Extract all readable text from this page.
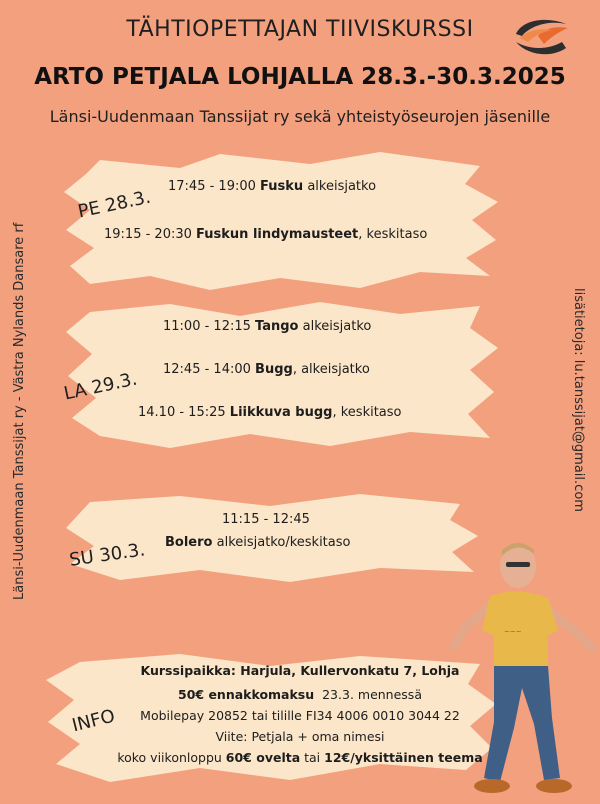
TÄHTIOPETTAJAN TIIVISKURSSI
ARTO PETJALA LOHJALLA 28.3.-30.3.2025
Länsi-Uudenmaan Tanssijat ry sekä yhteistyöseurojen jäsenille
Länsi-Uudenmaan Tanssijat ry - Västra Nylands Dansare rf	lisätietoja: lu.tanssijat@gmail.com
PE 28.3.
17:45 - 19:00 Fusku alkeisjatko
19:15 - 20:30 Fuskun lindymausteet, keskitaso
LA 29.3.
11:00 - 12:15 Tango alkeisjatko
12:45 - 14:00 Bugg, alkeisjatko
14.10 - 15:25 Liikkuva bugg, keskitaso
SU 30.3.
11:15 - 12:45
Bolero alkeisjatko/keskitaso
INFO
Kurssipaikka: Harjula, Kullervonkatu 7, Lohja
50€ ennakkomaksu 23.3. mennessä
Mobilepay 20852 tai tilille FI34 4006 0010 3044 22
Viite: Petjala + oma nimesi
koko viikonloppu 60€ ovelta tai 12€/yksittäinen teema
~~~
